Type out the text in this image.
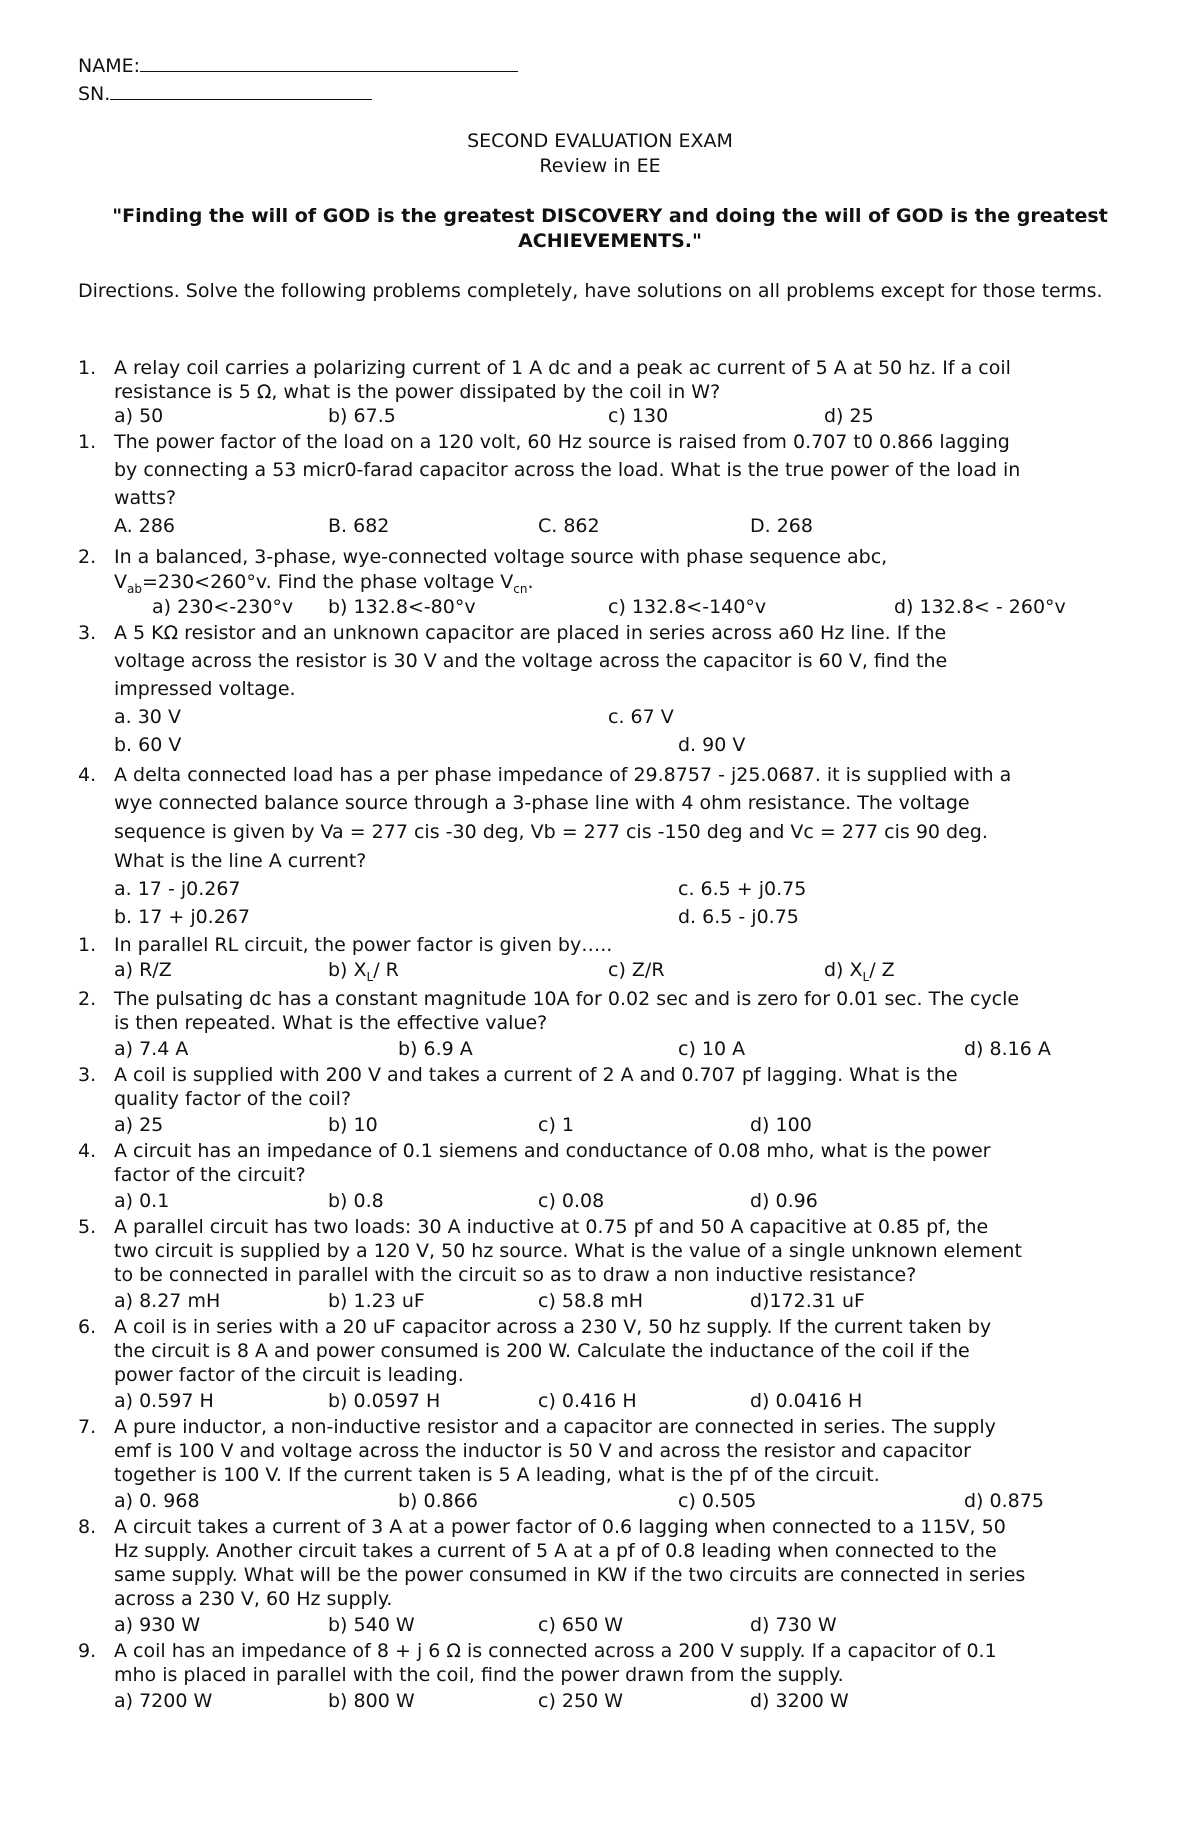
NAME:
SN.
SECOND EVALUATION EXAM
Review in EE
"Finding the will of GOD is the greatest DISCOVERY and doing the will of GOD is the greatest ACHIEVEMENTS."
Directions. Solve the following problems completely, have solutions on all problems except for those terms.
1. A relay coil carries a polarizing current of 1 A dc and a peak ac current of 5 A at 50 hz. If a coil
resistance is 5 Ω, what is the power dissipated by the coil in W?
a) 50	b) 67.5	c) 130	d) 25
1. The power factor of the load on a 120 volt, 60 Hz source is raised from 0.707 t0 0.866 lagging
by connecting a 53 micr0-farad capacitor across the load. What is the true power of the load in
watts?
A. 286	B. 682	C. 862	D. 268
2. In a balanced, 3-phase, wye-connected voltage source with phase sequence abc,
$V_{ab}=230<260^\circ v$. Find the phase voltage $V_{cn}$.
a) 230<-230°v b) 132.8<-80°v	c) 132.8<-140°v	d) 132.8< - 260°v
3. A 5 KΩ resistor and an unknown capacitor are placed in series across a60 Hz line. If the
voltage across the resistor is 30 V and the voltage across the capacitor is 60 V, find the
impressed voltage.
a. 30 V	c. 67 V
b. 60 V	d. 90 V
4. A delta connected load has a per phase impedance of 29.8757 - j25.0687. it is supplied with a
wye connected balance source through a 3-phase line with 4 ohm resistance. The voltage
sequence is given by Va = 277 cis -30 deg, Vb = 277 cis -150 deg and Vc = 277 cis 90 deg.
What is the line A current?
a. 17 - j0.267	c. 6.5 + j0.75
b. 17 + j0.267	d. 6.5 - j0.75
1. In parallel RL circuit, the power factor is given by…..
a) R/Z	b) $X_L/$ R	c) Z/R	d) $X_L/$ Z
2. The pulsating dc has a constant magnitude 10A for 0.02 sec and is zero for 0.01 sec. The cycle
is then repeated. What is the effective value?
a) 7.4 A	b) 6.9 A	c) 10 A	d) 8.16 A
3. A coil is supplied with 200 V and takes a current of 2 A and 0.707 pf lagging. What is the
quality factor of the coil?
a) 25	b) 10	c) 1	d) 100
4. A circuit has an impedance of 0.1 siemens and conductance of 0.08 mho, what is the power
factor of the circuit?
a) 0.1	b) 0.8	c) 0.08	d) 0.96
5. A parallel circuit has two loads: 30 A inductive at 0.75 pf and 50 A capacitive at 0.85 pf, the
two circuit is supplied by a 120 V, 50 hz source. What is the value of a single unknown element
to be connected in parallel with the circuit so as to draw a non inductive resistance?
a) 8.27 mH	b) 1.23 uF	c) 58.8 mH	d)172.31 uF
6. A coil is in series with a 20 uF capacitor across a 230 V, 50 hz supply. If the current taken by
the circuit is 8 A and power consumed is 200 W. Calculate the inductance of the coil if the
power factor of the circuit is leading.
a) 0.597 H	b) 0.0597 H	c) 0.416 H	d) 0.0416 H
7. A pure inductor, a non-inductive resistor and a capacitor are connected in series. The supply
emf is 100 V and voltage across the inductor is 50 V and across the resistor and capacitor
together is 100 V. If the current taken is 5 A leading, what is the pf of the circuit.
a) 0. 968	b) 0.866	c) 0.505	d) 0.875
8. A circuit takes a current of 3 A at a power factor of 0.6 lagging when connected to a 115V, 50
Hz supply. Another circuit takes a current of 5 A at a pf of 0.8 leading when connected to the
same supply. What will be the power consumed in KW if the two circuits are connected in series
across a 230 V, 60 Hz supply.
a) 930 W	b) 540 W	c) 650 W	d) 730 W
9. A coil has an impedance of 8 + j 6 Ω is connected across a 200 V supply. If a capacitor of 0.1
mho is placed in parallel with the coil, find the power drawn from the supply.
a) 7200 W	b) 800 W	c) 250 W	d) 3200 W
